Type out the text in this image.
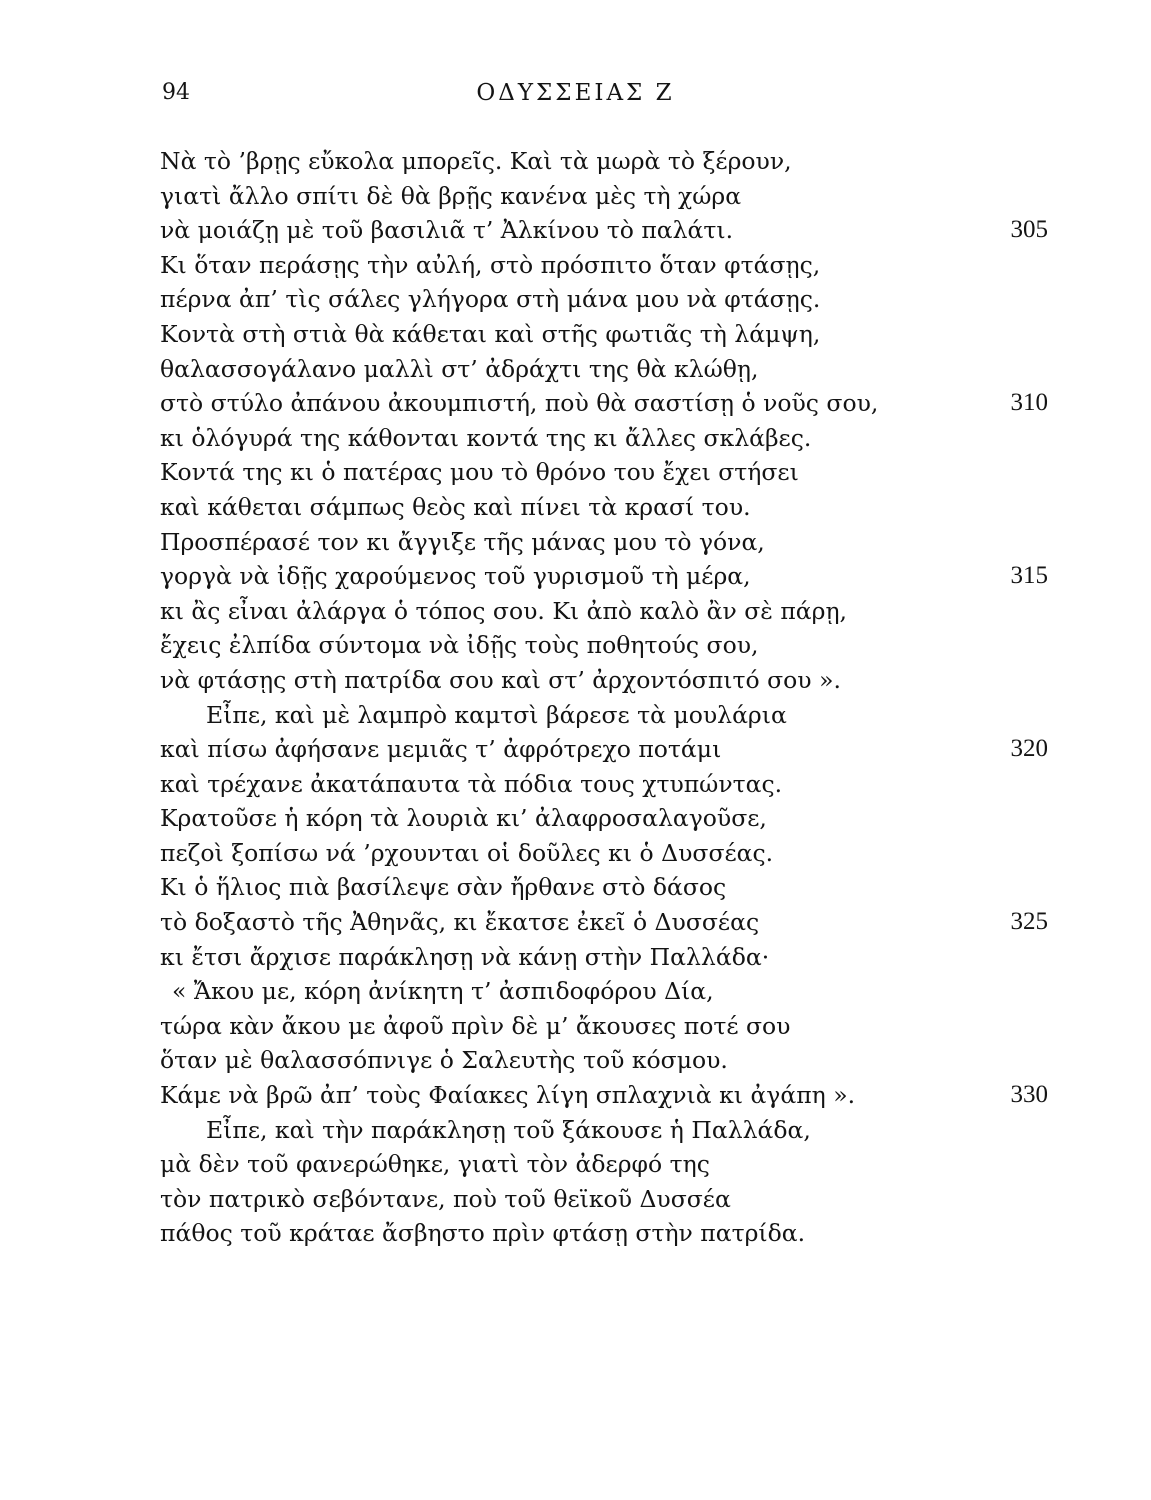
94	ΟΔΥΣΣΕΙΑΣ Ζ
Νὰ τὸ ’βρῃς εὔκολα μπορεῖς. Καὶ τὰ μωρὰ τὸ ξέρουν,
γιατὶ ἄλλο σπίτι δὲ θὰ βρῇς κανένα μὲς τὴ χώρα
νὰ μοιάζῃ μὲ τοῦ βασιλιᾶ τ’ Ἀλκίνου τὸ παλάτι.	305
Κι ὅταν περάσῃς τὴν αὐλή, στὸ πρόσπιτο ὅταν φτάσῃς,
πέρνα ἀπ’ τὶς σάλες γλήγορα στὴ μάνα μου νὰ φτάσῃς.
Κοντὰ στὴ στιὰ θὰ κάθεται καὶ στῆς φωτιᾶς τὴ λάμψη,
θαλασσογάλανο μαλλὶ στ’ ἀδράχτι της θὰ κλώθῃ,
στὸ στύλο ἀπάνου ἀκουμπιστή, ποὺ θὰ σαστίσῃ ὁ νοῦς σου,	310
κι ὁλόγυρά της κάθονται κοντά της κι ἄλλες σκλάβες.
Κοντά της κι ὁ πατέρας μου τὸ θρόνο του ἔχει στήσει
καὶ κάθεται σάμπως θεὸς καὶ πίνει τὰ κρασί του.
Προσπέρασέ τον κι ἄγγιξε τῆς μάνας μου τὸ γόνα,
γοργὰ νὰ ἰδῇς χαρούμενος τοῦ γυρισμοῦ τὴ μέρα,	315
κι ἂς εἶναι ἀλάργα ὁ τόπος σου. Κι ἀπὸ καλὸ ἂν σὲ πάρῃ,
ἔχεις ἐλπίδα σύντομα νὰ ἰδῇς τοὺς ποθητούς σου,
νὰ φτάσῃς στὴ πατρίδα σου καὶ στ’ ἀρχοντόσπιτό σου ».
Εἶπε, καὶ μὲ λαμπρὸ καμτσὶ βάρεσε τὰ μουλάρια
καὶ πίσω ἀφήσανε μεμιᾶς τ’ ἀφρότρεχο ποτάμι	320
καὶ τρέχανε ἀκατάπαυτα τὰ πόδια τους χτυπώντας.
Κρατοῦσε ἡ κόρη τὰ λουριὰ κι’ ἀλαφροσαλαγοῦσε,
πεζοὶ ξοπίσω νά ’ρχουνται οἱ δοῦλες κι ὁ Δυσσέας.
Κι ὁ ἥλιος πιὰ βασίλεψε σὰν ἤρθανε στὸ δάσος
τὸ δοξαστὸ τῆς Ἀθηνᾶς, κι ἔκατσε ἐκεῖ ὁ Δυσσέας	325
κι ἔτσι ἄρχισε παράκλησῃ νὰ κάνῃ στὴν Παλλάδα·
« Ἄκου με, κόρη ἀνίκητη τ’ ἀσπιδοφόρου Δία,
τώρα κὰν ἄκου με ἀφοῦ πρὶν δὲ μ’ ἄκουσες ποτέ σου
ὅταν μὲ θαλασσόπνιγε ὁ Σαλευτὴς τοῦ κόσμου.
Κάμε νὰ βρῶ ἀπ’ τοὺς Φαίακες λίγη σπλαχνιὰ κι ἀγάπη ».	330
Εἶπε, καὶ τὴν παράκλησῃ τοῦ ξάκουσε ἡ Παλλάδα,
μὰ δὲν τοῦ φανερώθηκε, γιατὶ τὸν ἀδερφό της
τὸν πατρικὸ σεβόντανε, ποὺ τοῦ θεϊκοῦ Δυσσέα
πάθος τοῦ κράταε ἄσβηστο πρὶν φτάσῃ στὴν πατρίδα.
